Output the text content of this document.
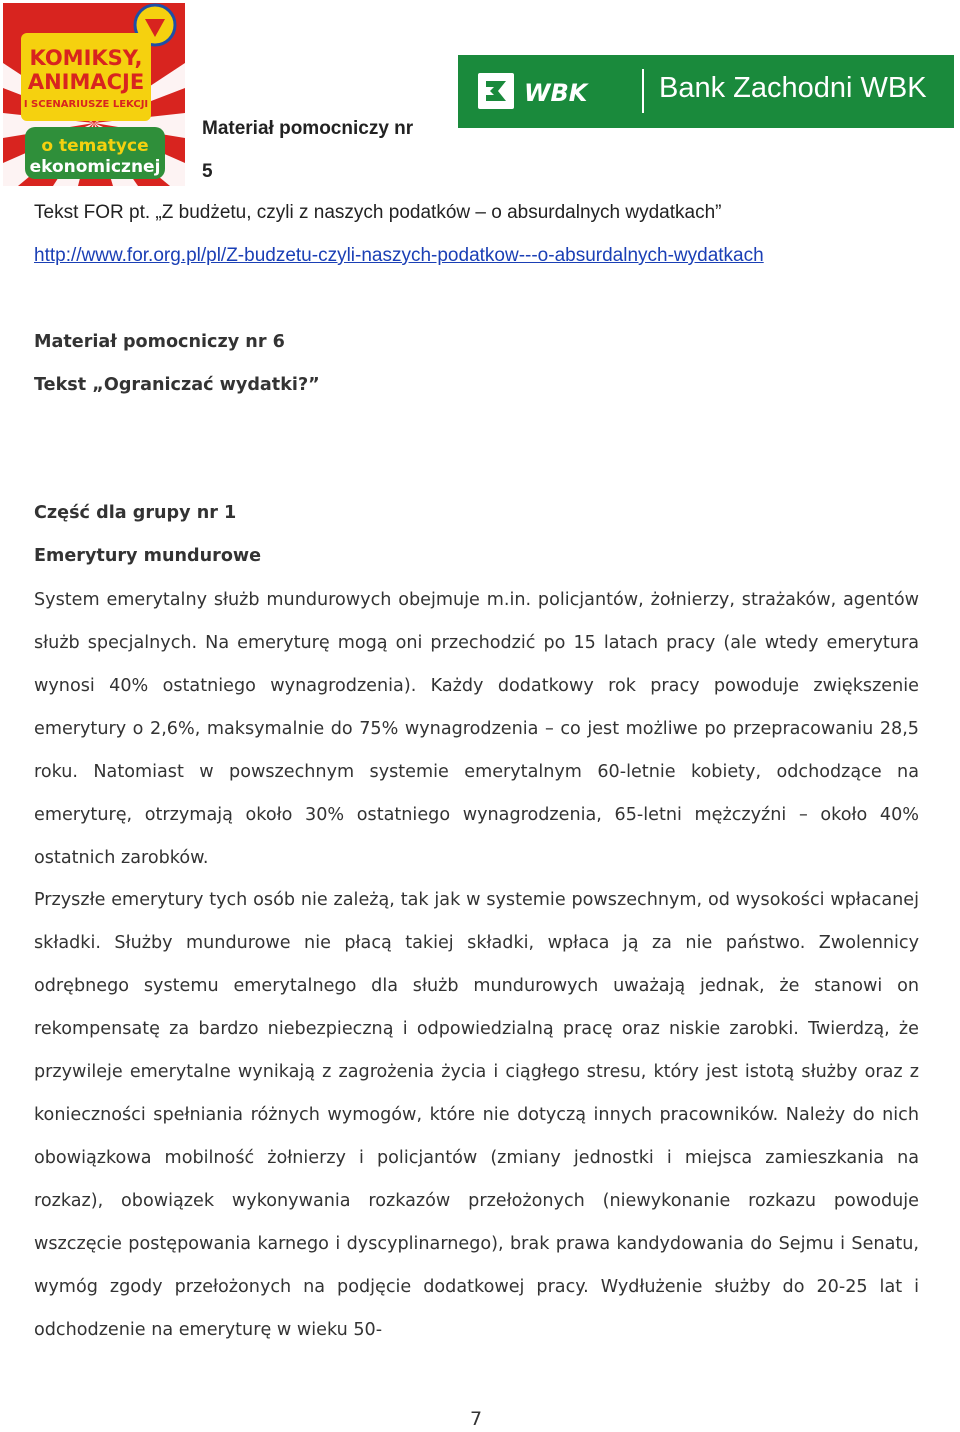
KOMIKSY,
ANIMACJE
I SCENARIUSZE LEKCJI
o tematyce
ekonomicznej
WBK Bank Zachodni WBK
Materiał pomocniczy nr
5
Tekst FOR pt. „Z budżetu, czyli z naszych podatków – o absurdalnych wydatkach”
http://www.for.org.pl/pl/Z-budzetu-czyli-naszych-podatkow---o-absurdalnych-wydatkach
Materiał pomocniczy nr 6
Tekst „Ograniczać wydatki?”
Część dla grupy nr 1
Emerytury mundurowe
System emerytalny służb mundurowych obejmuje m.in. policjantów, żołnierzy, strażaków, agentów służb specjalnych. Na emeryturę mogą oni przechodzić po 15 latach pracy (ale wtedy emerytura wynosi 40% ostatniego wynagrodzenia). Każdy dodatkowy rok pracy powoduje zwiększenie emerytury o 2,6%, maksymalnie do 75% wynagrodzenia – co jest możliwe po przepracowaniu 28,5 roku. Natomiast w powszechnym systemie emerytalnym 60-letnie kobiety, odchodzące na emeryturę, otrzymają około 30% ostatniego wynagrodzenia, 65-letni mężczyźni – około 40% ostatnich zarobków.
Przyszłe emerytury tych osób nie zależą, tak jak w systemie powszechnym, od wysokości wpłacanej składki. Służby mundurowe nie płacą takiej składki, wpłaca ją za nie państwo. Zwolennicy odrębnego systemu emerytalnego dla służb mundurowych uważają jednak, że stanowi on rekompensatę za bardzo niebezpieczną i odpowiedzialną pracę oraz niskie zarobki. Twierdzą, że przywileje emerytalne wynikają z zagrożenia życia i ciągłego stresu, który jest istotą służby oraz z konieczności spełniania różnych wymogów, które nie dotyczą innych pracowników. Należy do nich obowiązkowa mobilność żołnierzy i policjantów (zmiany jednostki i miejsca zamieszkania na rozkaz), obowiązek wykonywania rozkazów przełożonych (niewykonanie rozkazu powoduje wszczęcie postępowania karnego i dyscyplinarnego), brak prawa kandydowania do Sejmu i Senatu, wymóg zgody przełożonych na podjęcie dodatkowej pracy. Wydłużenie służby do 20-25 lat i odchodzenie na emeryturę w wieku 50-
7
